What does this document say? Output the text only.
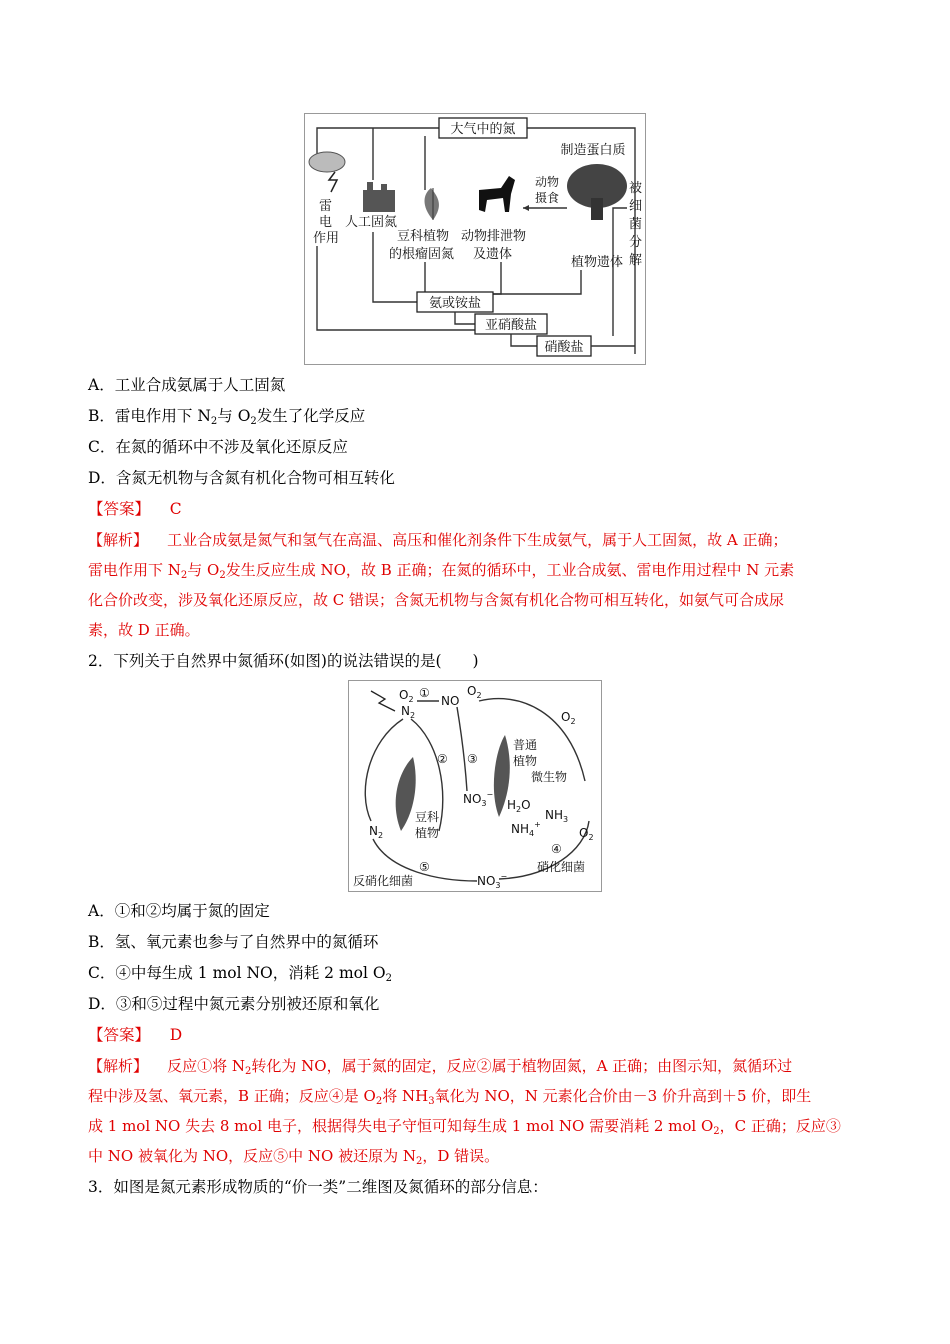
大气中的氮
制造蛋白质
雷
电
作用
人工固氮
豆科植物
的根瘤固氮
动物排泄物
及遗体
动物
摄食
植物遗体
被
细
菌
分
解
氨或铵盐
亚硝酸盐
硝酸盐
A．工业合成氨属于人工固氮
B．雷电作用下 $N_2$与 $O_2$发生了化学反应
C．在氮的循环中不涉及氧化还原反应
D．含氮无机物与含氮有机化合物可相互转化
【答案】 C
【解析】 工业合成氨是氮气和氢气在高温、高压和催化剂条件下生成氨气，属于人工固氮，故 A 正确；
雷电作用下 $N_2$与 $O_2$发生反应生成 NO，故 B 正确；在氮的循环中，工业合成氨、雷电作用过程中 N 元素
化合价改变，涉及氧化还原反应，故 C 错误；含氮无机物与含氮有机化合物可相互转化，如氨气可合成尿
素，故 D 正确。
2．下列关于自然界中氮循环(如图)的说法错误的是(　　)
$O_2$ ①
NO
$O_2$
$N_2$	$O_2$
② ③
普通
植物
微生物
豆科
植物
$NO_3^-$
$H_2O$
$NH_3$
$NH_4^+$
$O_2$
④
硝化细菌
$N_2$
⑤
反硝化细菌	$NO_3^-$
A．①和②均属于氮的固定
B．氢、氧元素也参与了自然界中的氮循环
C．④中每生成 1 mol NO，消耗 2 mol $O_2$
D．③和⑤过程中氮元素分别被还原和氧化
【答案】 D
【解析】 反应①将 $N_2$转化为 NO，属于氮的固定，反应②属于植物固氮，A 正确；由图示知，氮循环过
程中涉及氢、氧元素，B 正确；反应④是 $O_2$将 $NH_3$氧化为 NO，N 元素化合价由－3 价升高到＋5 价，即生
成 1 mol NO 失去 8 mol 电子，根据得失电子守恒可知每生成 1 mol NO 需要消耗 2 mol $O_2$，C 正确；反应③
中 NO 被氧化为 NO，反应⑤中 NO 被还原为 $N_2$，D 错误。
3．如图是氮元素形成物质的“价一类”二维图及氮循环的部分信息：
